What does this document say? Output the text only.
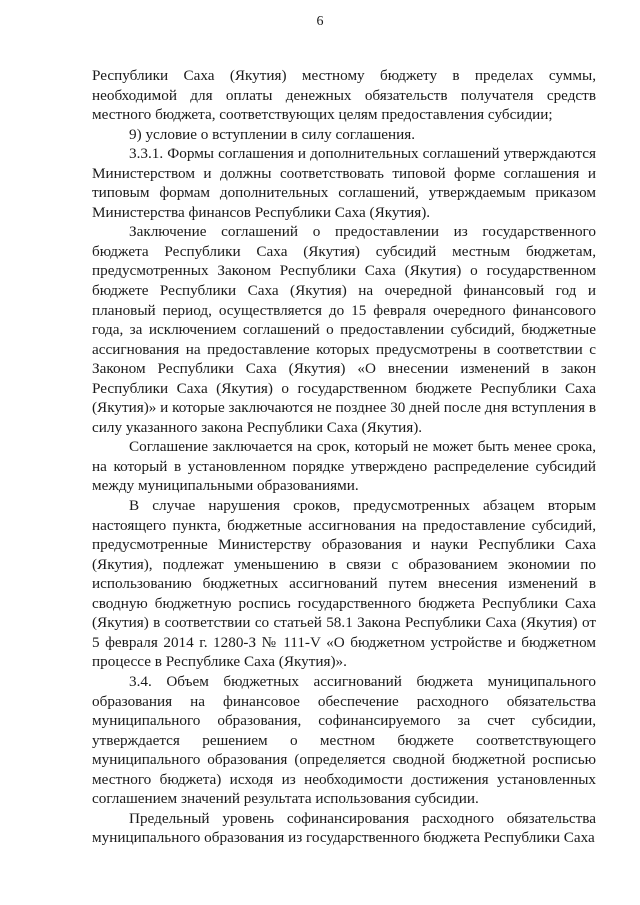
6

Республики Саха (Якутия) местному бюджету в пределах суммы, необходимой для оплаты денежных обязательств получателя средств местного бюджета, соответствующих целям предоставления субсидии;

9) условие о вступлении в силу соглашения.

3.3.1. Формы соглашения и дополнительных соглашений утверждаются Министерством и должны соответствовать типовой форме соглашения и типовым формам дополнительных соглашений, утверждаемым приказом Министерства финансов Республики Саха (Якутия).

Заключение соглашений о предоставлении из государственного бюджета Республики Саха (Якутия) субсидий местным бюджетам, предусмотренных Законом Республики Саха (Якутия) о государственном бюджете Республики Саха (Якутия) на очередной финансовый год и плановый период, осуществляется до 15 февраля очередного финансового года, за исключением соглашений о предоставлении субсидий, бюджетные ассигнования на предоставление которых предусмотрены в соответствии с Законом Республики Саха (Якутия) «О внесении изменений в закон Республики Саха (Якутия) о государственном бюджете Республики Саха (Якутия)» и которые заключаются не позднее 30 дней после дня вступления в силу указанного закона Республики Саха (Якутия).

Соглашение заключается на срок, который не может быть менее срока, на который в установленном порядке утверждено распределение субсидий между муниципальными образованиями.

В случае нарушения сроков, предусмотренных абзацем вторым настоящего пункта, бюджетные ассигнования на предоставление субсидий, предусмотренные Министерству образования и науки Республики Саха (Якутия), подлежат уменьшению в связи с образованием экономии по использованию бюджетных ассигнований путем внесения изменений в сводную бюджетную роспись государственного бюджета Республики Саха (Якутия) в соответствии со статьей 58.1 Закона Республики Саха (Якутия) от 5 февраля 2014 г. 1280-З № 111-V «О бюджетном устройстве и бюджетном процессе в Республике Саха (Якутия)».

3.4. Объем бюджетных ассигнований бюджета муниципального образования на финансовое обеспечение расходного обязательства муниципального образования, софинансируемого за счет субсидии, утверждается решением о местном бюджете соответствующего муниципального образования (определяется сводной бюджетной росписью местного бюджета) исходя из необходимости достижения установленных соглашением значений результата использования субсидии.

Предельный уровень софинансирования расходного обязательства муниципального образования из государственного бюджета Республики Саха
